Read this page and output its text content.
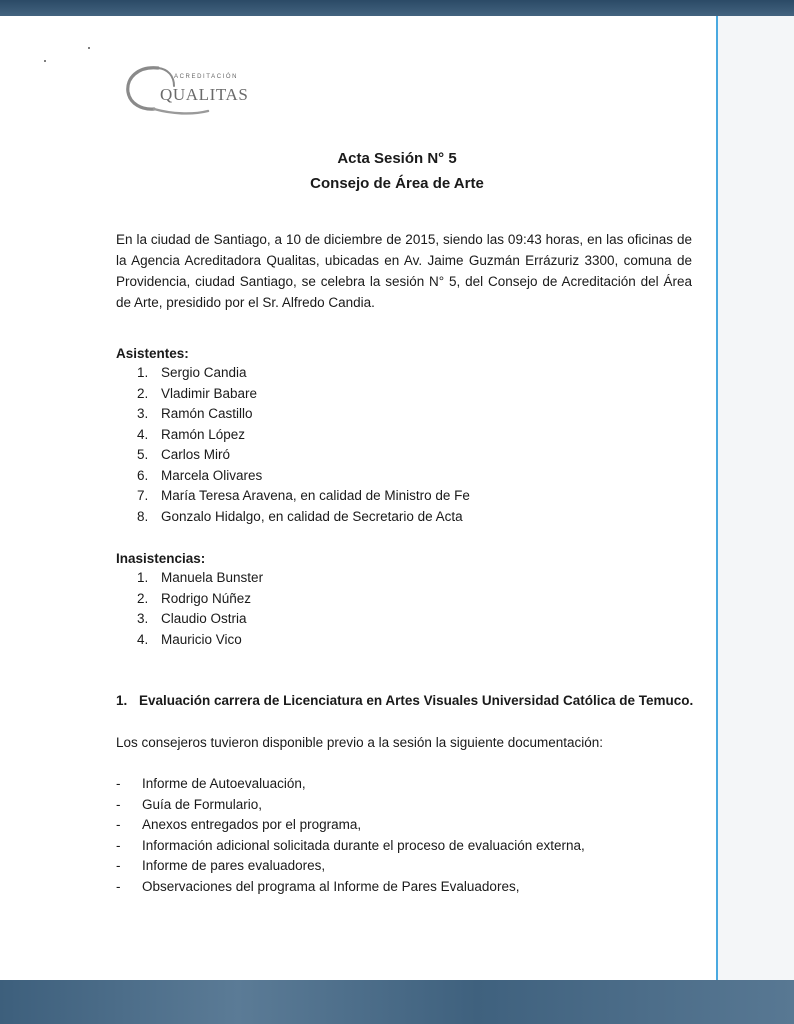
ACREDITACIÓN
QUALITAS
Acta Sesión N° 5
Consejo de Área de Arte
En la ciudad de Santiago, a 10 de diciembre de 2015, siendo las 09:43 horas, en las oficinas de la Agencia Acreditadora Qualitas, ubicadas en Av. Jaime Guzmán Errázuriz 3300, comuna de Providencia, ciudad Santiago, se celebra la sesión N° 5, del Consejo de Acreditación del Área de Arte, presidido por el Sr. Alfredo Candia.
Asistentes:
1. Sergio Candia
2. Vladimir Babare
3. Ramón Castillo
4. Ramón López
5. Carlos Miró
6. Marcela Olivares
7. María Teresa Aravena, en calidad de Ministro de Fe
8. Gonzalo Hidalgo, en calidad de Secretario de Acta
Inasistencias:
1. Manuela Bunster
2. Rodrigo Núñez
3. Claudio Ostria
4. Mauricio Vico
1. Evaluación carrera de Licenciatura en Artes Visuales Universidad Católica de Temuco.
Los consejeros tuvieron disponible previo a la sesión la siguiente documentación:
- Informe de Autoevaluación,
- Guía de Formulario,
- Anexos entregados por el programa,
- Información adicional solicitada durante el proceso de evaluación externa,
- Informe de pares evaluadores,
- Observaciones del programa al Informe de Pares Evaluadores,
